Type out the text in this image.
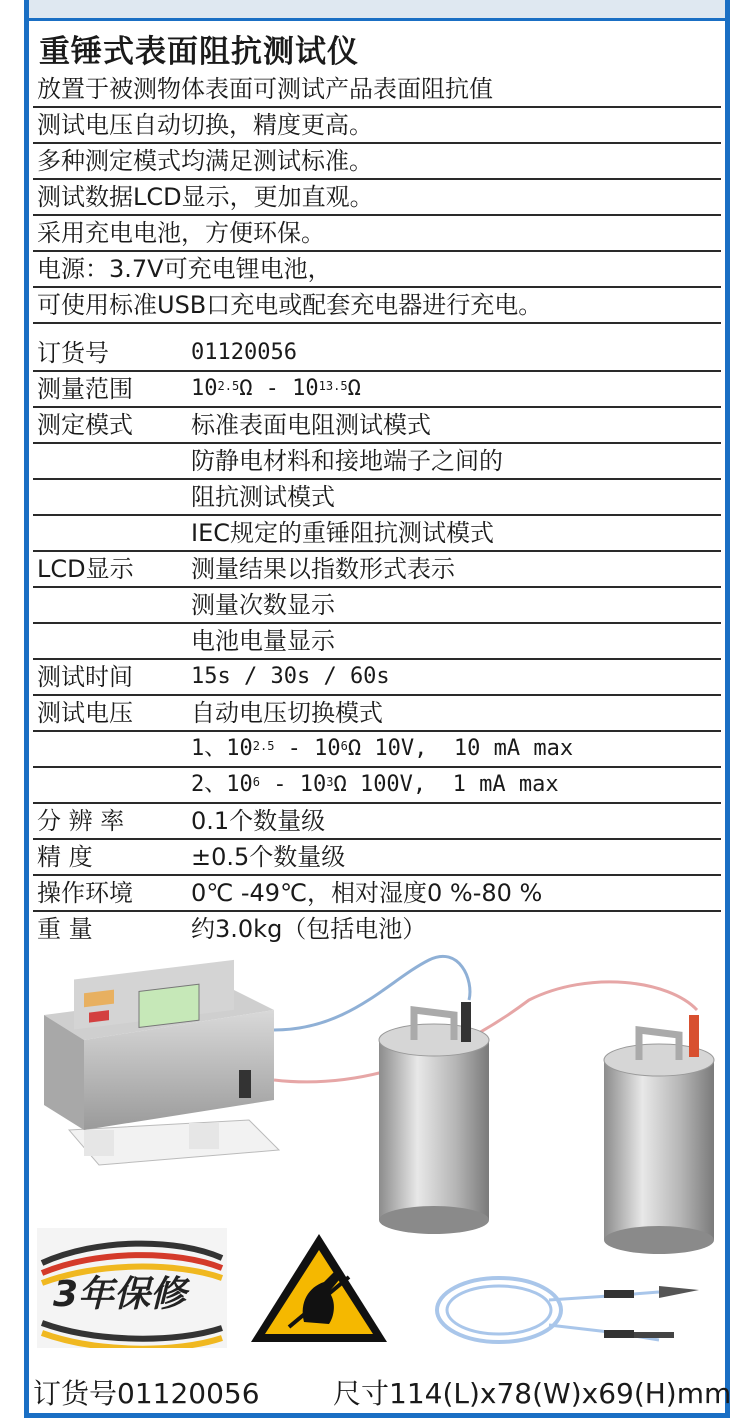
重锤式表面阻抗测试仪
放置于被测物体表面可测试产品表面阻抗值
测试电压自动切换，精度更高。
多种测定模式均满足测试标准。
测试数据LCD显示，更加直观。
采用充电电池，方便环保。
电源：3.7V可充电锂电池，
可使用标准USB口充电或配套充电器进行充电。
订货号	01120056
测量范围	$10^{2.5}\Omega - 10^{13.5}\Omega$
测定模式 标准表面电阻测试模式
防静电材料和接地端子之间的
阻抗测试模式
IEC规定的重锤阻抗测试模式
LCD显示 测量结果以指数形式表示
测量次数显示
电池电量显示
测试时间	15s / 30s / 60s
测试电压 自动电压切换模式
1、$10^{2.5} - 10^6\Omega$ 10V,  10 mA max
2、$10^6 - 10^3\Omega$ 100V,  1 mA max
分 辨 率	0.1个数量级
精 度	±0.5个数量级
操作环境 0℃ -49℃，相对湿度0 %-80 %
重 量	约3.0kg（包括电池）
3年保修
订货号01120056	尺寸114(L)x78(W)x69(H)mm
